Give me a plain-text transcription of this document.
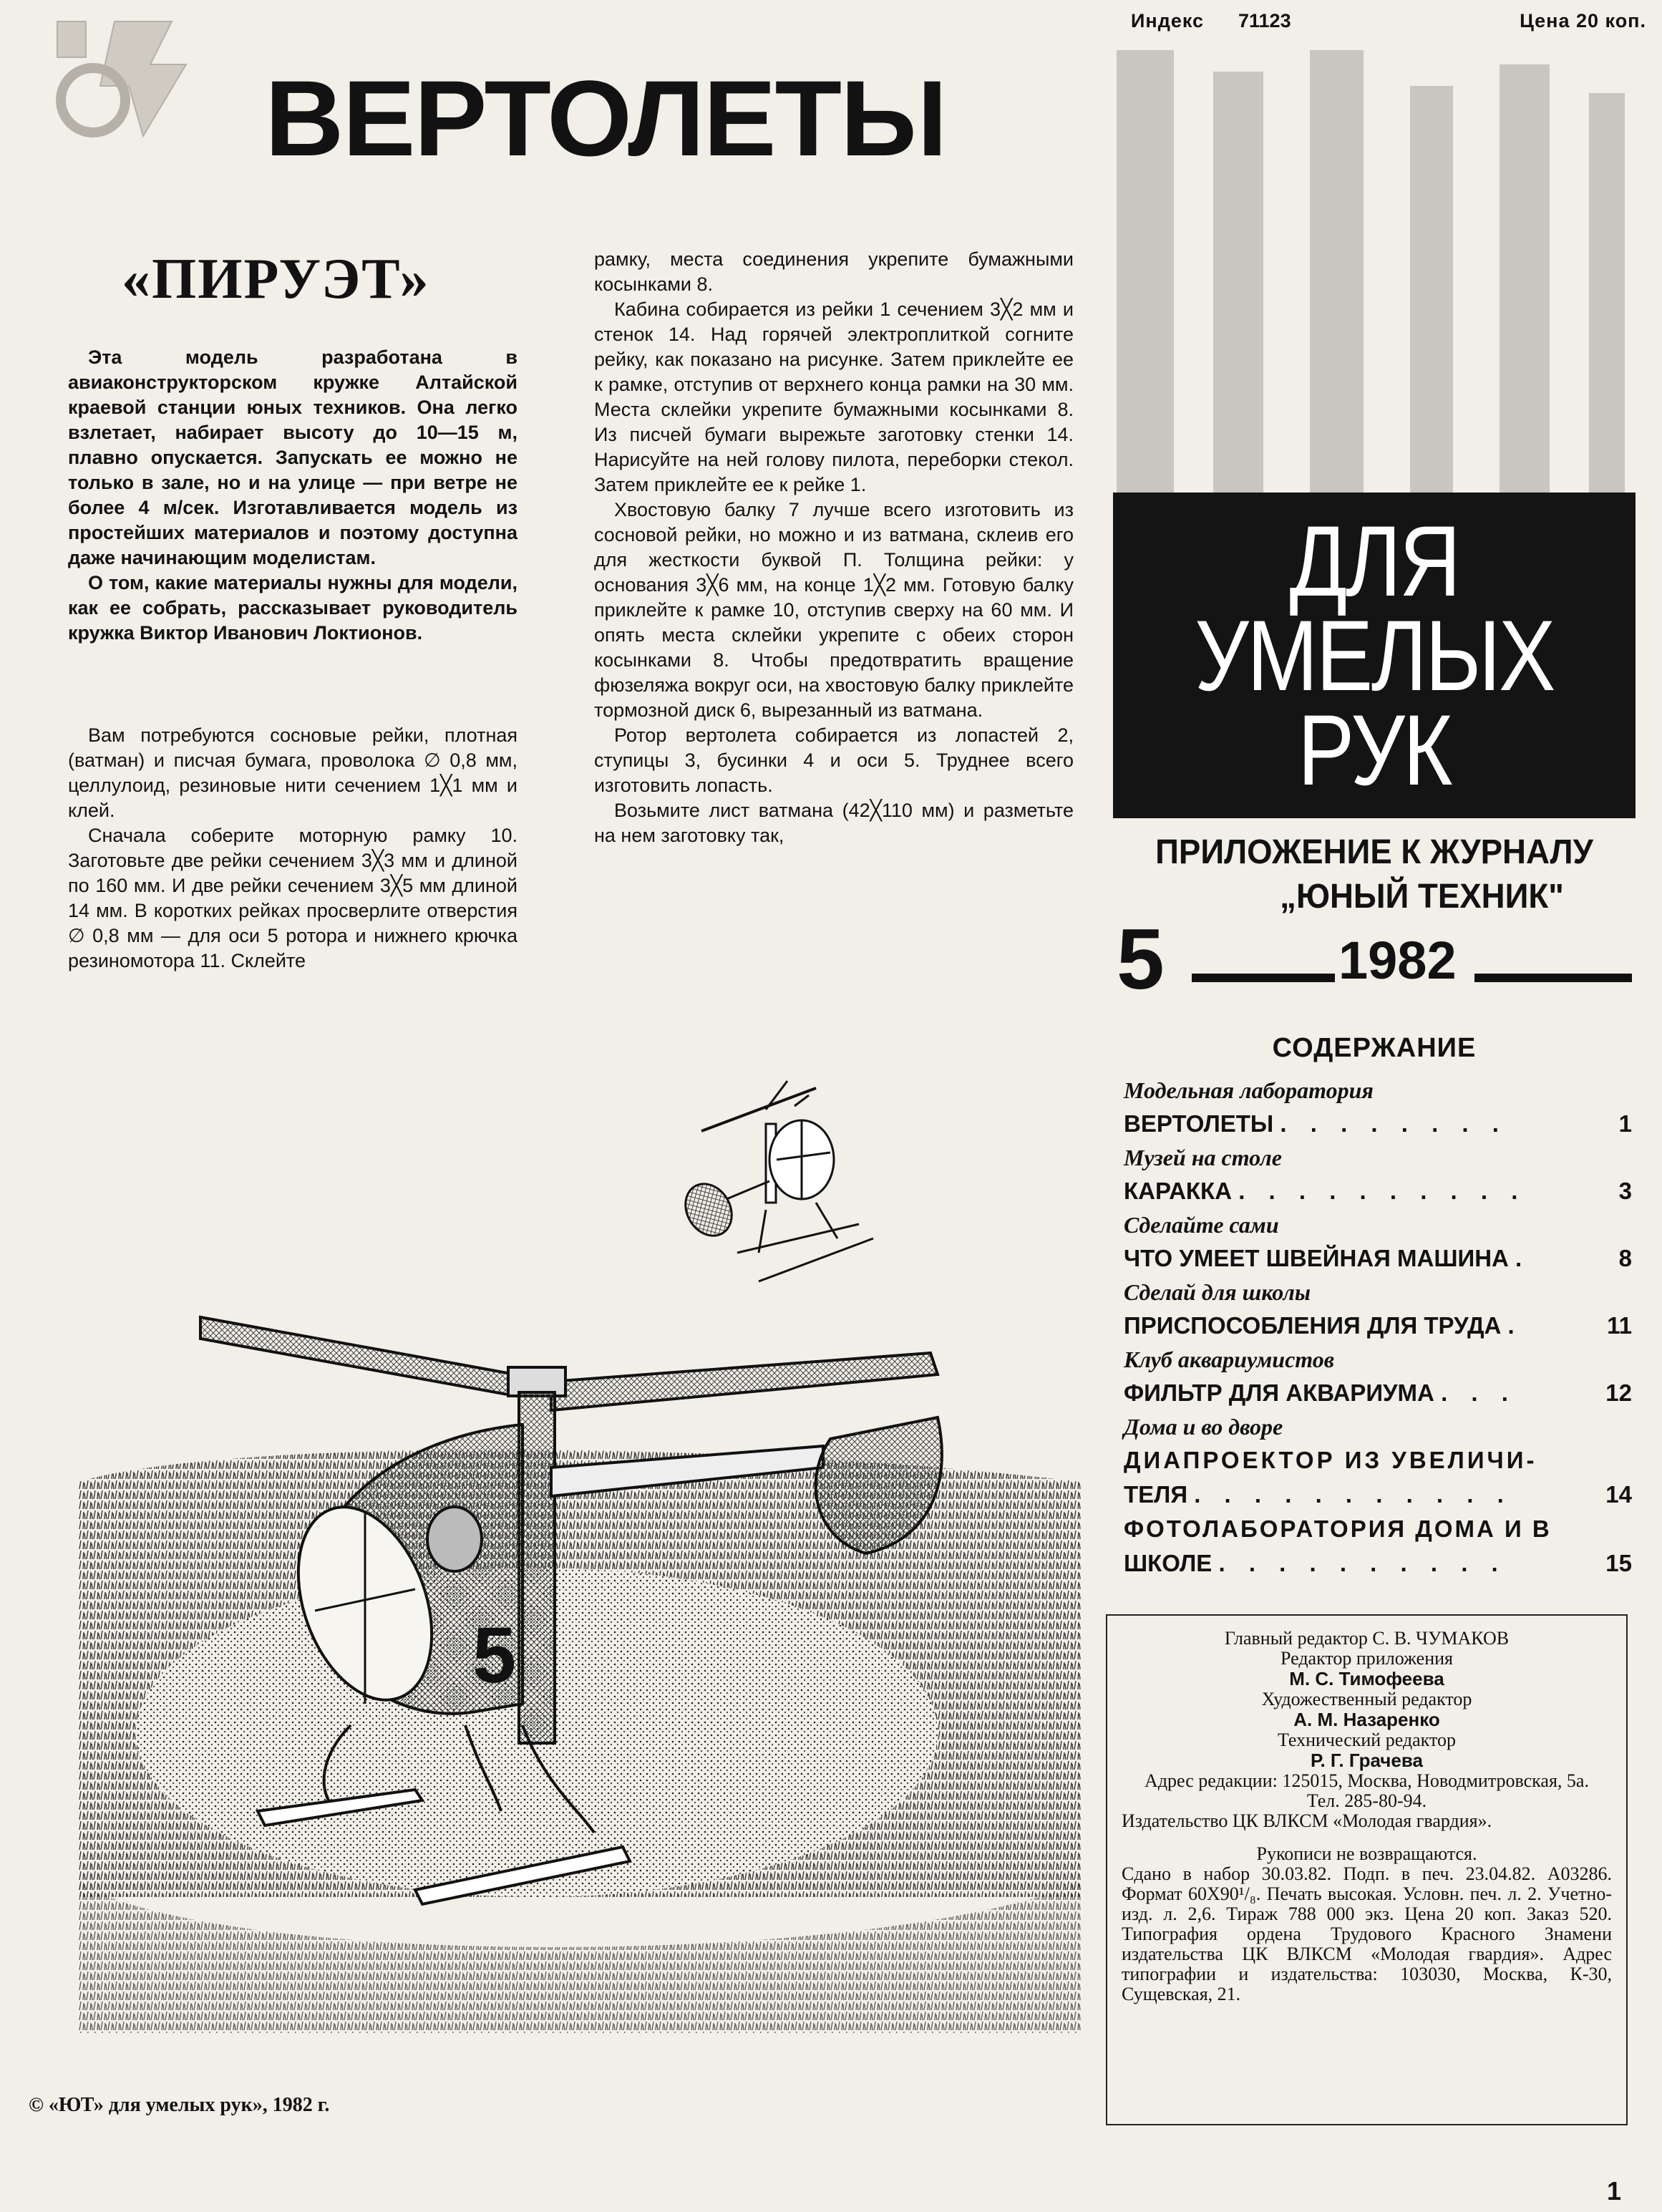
Индекс 71123	Цена 20 коп.
ВЕРТОЛЕТЫ
«ПИРУЭТ»

Эта модель разработана в авиаконструкторском кружке Алтайской краевой станции юных техников. Она легко взлетает, набирает высоту до 10—15 м, плавно опускается. Запускать ее можно не только в зале, но и на улице — при ветре не более 4 м/сек. Изготавливается модель из простейших материалов и поэтому доступна даже начинающим моделистам.

О том, какие материалы нужны для модели, как ее собрать, рассказывает руководитель кружка Виктор Иванович Локтионов.

Вам потребуются сосновые рейки, плотная (ватман) и писчая бумага, проволока ∅ 0,8 мм, целлулоид, резиновые нити сечением 1╳1 мм и клей.

Сначала соберите моторную рамку 10. Заготовьте две рейки сечением 3╳3 мм и длиной по 160 мм. И две рейки сечением 3╳5 мм длиной 14 мм. В коротких рейках просверлите отверстия ∅ 0,8 мм — для оси 5 ротора и нижнего крючка резиномотора 11. Склейте

рамку, места соединения укрепите бумажными косынками 8.

Кабина собирается из рейки 1 сечением 3╳2 мм и стенок 14. Над горячей электроплиткой согните рейку, как показано на рисунке. Затем приклейте ее к рамке, отступив от верхнего конца рамки на 30 мм. Места склейки укрепите бумажными косынками 8. Из писчей бумаги вырежьте заготовку стенки 14. Нарисуйте на ней голову пилота, переборки стекол. Затем приклейте ее к рейке 1.

Хвостовую балку 7 лучше всего изготовить из сосновой рейки, но можно и из ватмана, склеив его для жесткости буквой П. Толщина рейки: у основания 3╳6 мм, на конце 1╳2 мм. Готовую балку приклейте к рамке 10, отступив сверху на 60 мм. И опять места склейки укрепите с обеих сторон косынками 8. Чтобы предотвратить вращение фюзеляжа вокруг оси, на хвостовую балку приклейте тормозной диск 6, вырезанный из ватмана.

Ротор вертолета собирается из лопастей 2, ступицы 3, бусинки 4 и оси 5. Труднее всего изготовить лопасть.

Возьмите лист ватмана (42╳110 мм) и разметьте на нем заготовку так,

ДЛЯ
УМЕЛЫХ
РУК
ПРИЛОЖЕНИЕ К ЖУРНАЛУ
„ЮНЫЙ ТЕХНИК"
5	1982
СОДЕРЖАНИЕ
Модельная лаборатория
ВЕРТОЛЕТЫ . . . . . . . .	1
Музей на столе
КАРАККА . . . . . . . . . .	3
Сделайте сами
ЧТО УМЕЕТ ШВЕЙНАЯ МАШИНА .	8
Сделай для школы
ПРИСПОСОБЛЕНИЯ ДЛЯ ТРУДА .	11
Клуб аквариумистов
ФИЛЬТР ДЛЯ АКВАРИУМА . . .	12
Дома и во дворе
ДИАПРОЕКТОР ИЗ УВЕЛИЧИ-
ТЕЛЯ . . . . . . . . . . .	14
ФОТОЛАБОРАТОРИЯ ДОМА И В
ШКОЛЕ . . . . . . . . . .	15
Главный редактор С. В. ЧУМАКОВ
Редактор приложения
М. С. Тимофеева
Художественный редактор
А. М. Назаренко
Технический редактор
Р. Г. Грачева
Адрес редакции: 125015, Москва, Новодмитровская, 5а.
Тел. 285-80-94.
Издательство ЦК ВЛКСМ «Молодая гвардия».
Рукописи не возвращаются.
Сдано в набор 30.03.82. Подп. в печ. 23.04.82. А03286. Формат 60Х90¹/₈. Печать высокая. Условн. печ. л. 2. Учетно-изд. л. 2,6. Тираж 788 000 экз. Цена 20 коп. Заказ 520. Типография ордена Трудового Красного Знамени издательства ЦК ВЛКСМ «Молодая гвардия». Адрес типографии и издательства: 103030, Москва, К-30, Сущевская, 21.
5
© «ЮТ» для умелых рук», 1982 г.
1
